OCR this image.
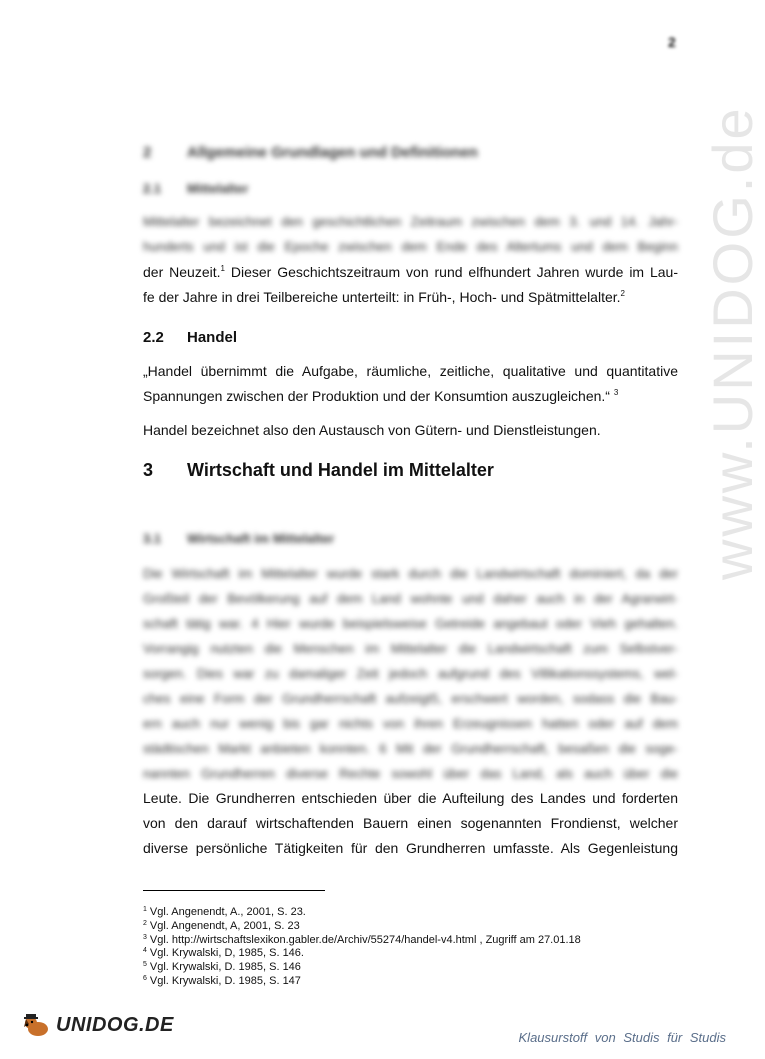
www.UNIDOG.de
2
2 Allgemeine Grundlagen und Definitionen
2.1 Mittelalter
Mittelalter bezeichnet den geschichtlichen Zeitraum zwischen dem 3. und 14. Jahr-
hunderts und ist die Epoche zwischen dem Ende des Altertums und dem Beginn
der Neuzeit.$^1$ Dieser Geschichtszeitraum von rund elfhundert Jahren wurde im Lau-
fe der Jahre in drei Teilbereiche unterteilt: in Früh-, Hoch- und Spätmittelalter.$^2$
2.2 Handel
„Handel übernimmt die Aufgabe, räumliche, zeitliche, qualitative und quantitative
Spannungen zwischen der Produktion und der Konsumtion auszugleichen.“ $^3$
Handel bezeichnet also den Austausch von Gütern- und Dienstleistungen.
3 Wirtschaft und Handel im Mittelalter
3.1 Wirtschaft im Mittelalter
Die Wirtschaft im Mittelalter wurde stark durch die Landwirtschaft dominiert, da der
Großteil der Bevölkerung auf dem Land wohnte und daher auch in der Agrarwirt-
schaft tätig war. 4 Hier wurde beispielsweise Getreide angebaut oder Vieh gehalten.
Vorrangig nutzten die Menschen im Mittelalter die Landwirtschaft zum Selbstver-
sorgen. Dies war zu damaliger Zeit jedoch aufgrund des Villikationssystems, wel-
ches eine Form der Grundherrschaft aufzeigt5, erschwert worden, sodass die Bau-
ern auch nur wenig bis gar nichts von ihren Erzeugnissen hatten oder auf dem
städtischen Markt anbieten konnten. 6 Mit der Grundherrschaft, besaßen die soge-
nannten Grundherren diverse Rechte sowohl über das Land, als auch über die
Leute. Die Grundherren entschieden über die Aufteilung des Landes und forderten
von den darauf wirtschaftenden Bauern einen sogenannten Frondienst, welcher
diverse persönliche Tätigkeiten für den Grundherren umfasste. Als Gegenleistung
$^1$ Vgl. Angenendt, A., 2001, S. 23.
$^2$ Vgl. Angenendt, A, 2001, S. 23
$^3$ Vgl. http://wirtschaftslexikon.gabler.de/Archiv/55274/handel-v4.html , Zugriff am 27.01.18
$^4$ Vgl. Krywalski, D, 1985, S. 146.
$^5$ Vgl. Krywalski, D. 1985, S. 146
$^6$ Vgl. Krywalski, D. 1985, S. 147
UNIDOG.DE
Klausurstoff von Studis für Studis
